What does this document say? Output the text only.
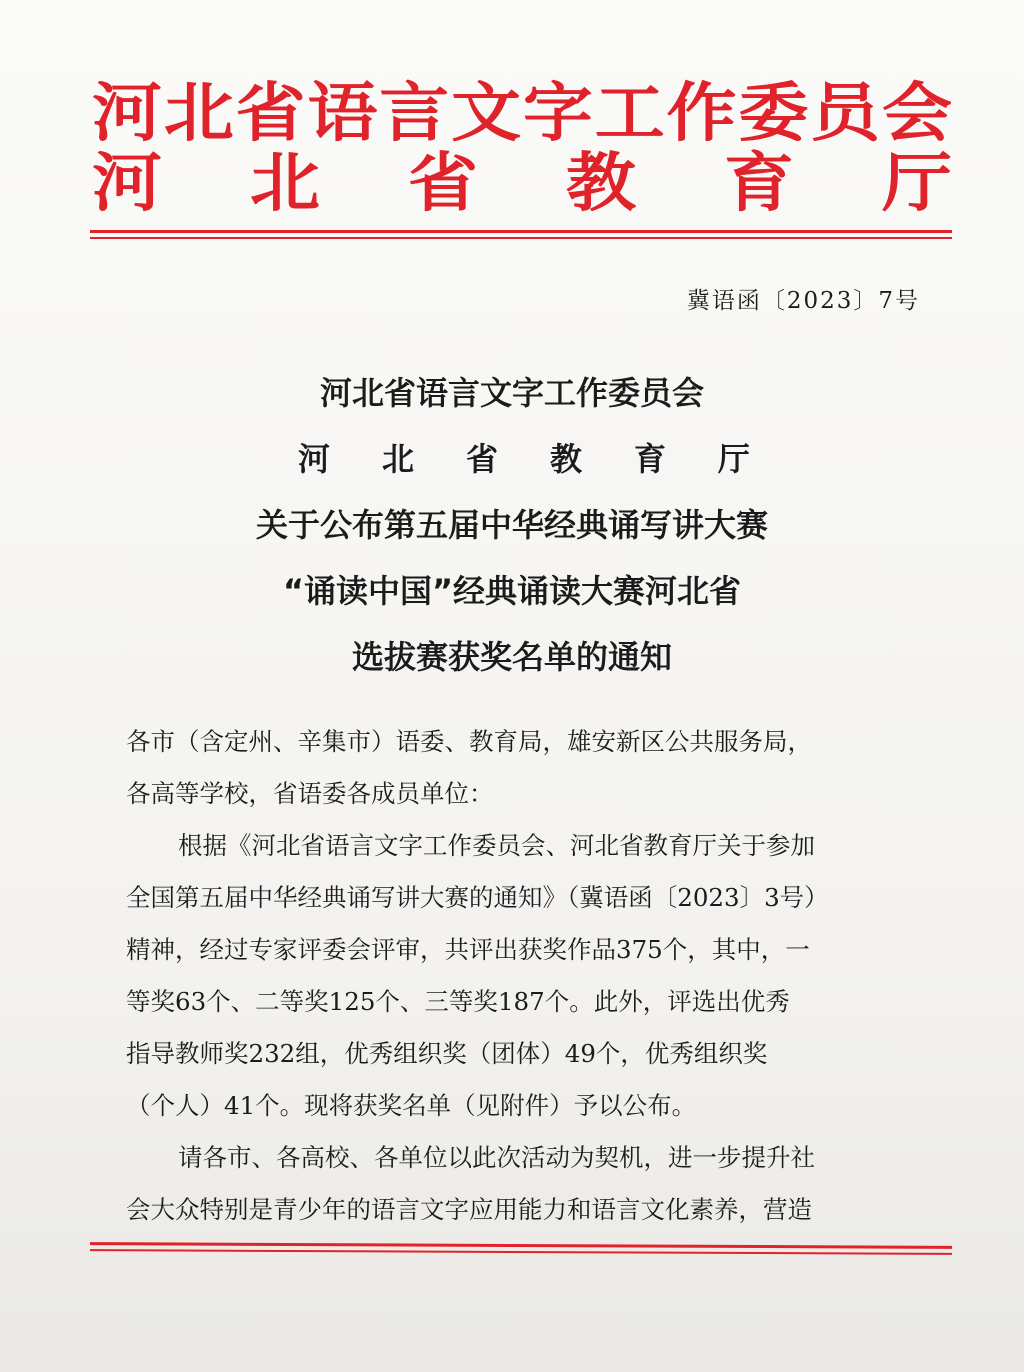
河 北 省 语 言 文 字 工 作 委 员 会
河 北 省 教 育 厅
冀语函〔2023〕7号
河北省语言文字工作委员会
河 北 省 教 育 厅
关于公布第五届中华经典诵写讲大赛
“诵读中国”经典诵读大赛河北省
选拔赛获奖名单的通知
各市（含定州、辛集市）语委、教育局，雄安新区公共服务局，
各高等学校，省语委各成员单位：
根据《河北省语言文字工作委员会、河北省教育厅关于参加
全国第五届中华经典诵写讲大赛的通知》（冀语函〔2023〕3号）
精神，经过专家评委会评审，共评出获奖作品375个，其中，一
等奖63个、二等奖125个、三等奖187个。此外，评选出优秀
指导教师奖232组，优秀组织奖（团体）49个，优秀组织奖
（个人）41个。现将获奖名单（见附件）予以公布。
请各市、各高校、各单位以此次活动为契机，进一步提升社
会大众特别是青少年的语言文字应用能力和语言文化素养，营造
